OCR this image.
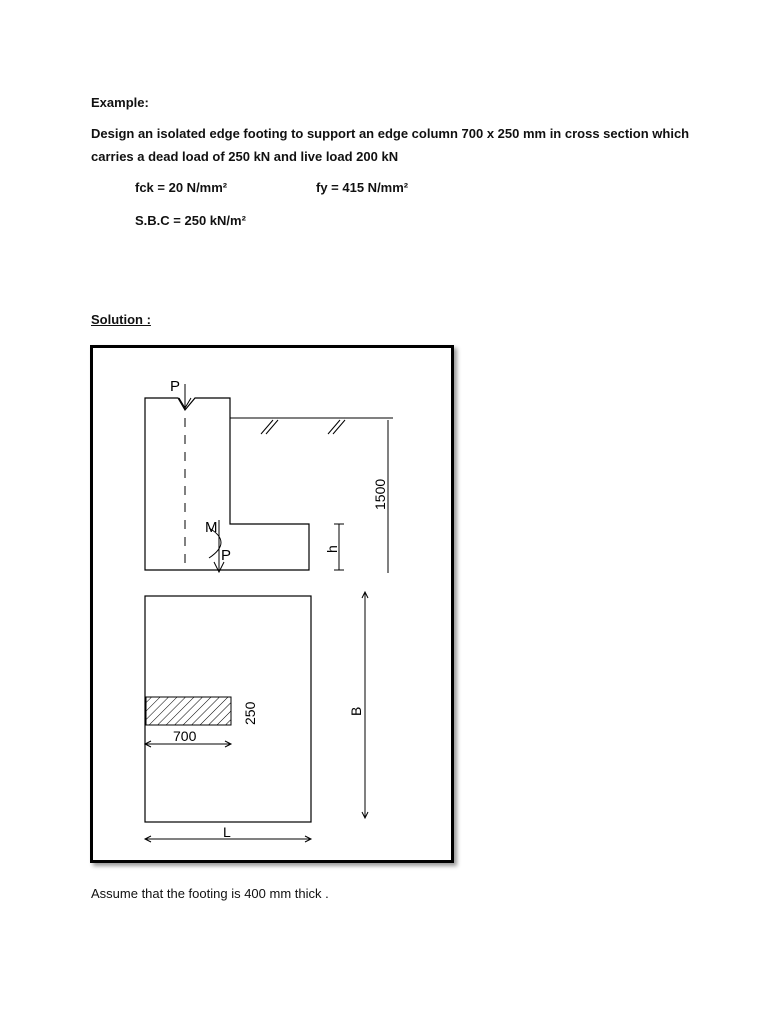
Example:
Design an isolated edge footing to support an edge column 700 x 250 mm in cross section which
carries a dead load of 250 kN and live load 200 kN
fck = 20 N/mm²	fy = 415 N/mm²
S.B.C = 250 kN/m²
Solution :
P
M
P	h
1500
250
700
B
L
Assume that the footing is 400 mm thick .
